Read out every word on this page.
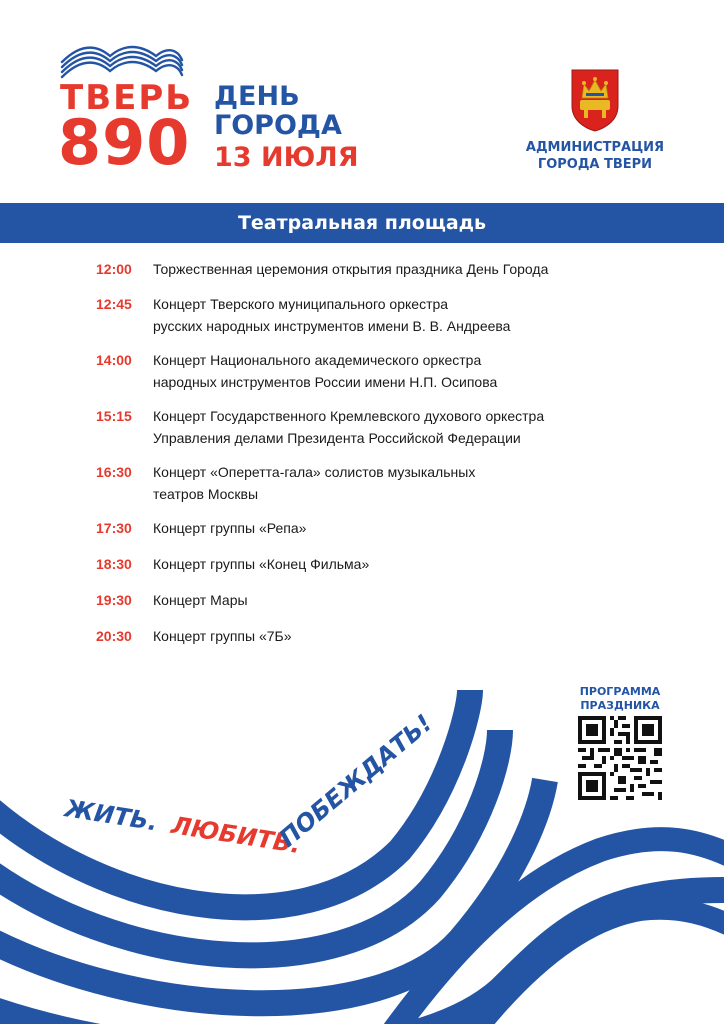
ТВЕРЬ
890
ДЕНЬ
ГОРОДА
13 ИЮЛЯ	АДМИНИСТРАЦИЯ
ГОРОДА ТВЕРИ
Театральная площадь
12:00	Торжественная церемония открытия праздника День Города
12:45	Концерт Тверского муниципального оркестра
русских народных инструментов имени В. В. Андреева
14:00	Концерт Национального академического оркестра
народных инструментов России имени Н.П. Осипова
15:15	Концерт Государственного Кремлевского духового оркестра
Управления делами Президента Российской Федерации
16:30	Концерт «Оперетта-гала» солистов музыкальных
театров Москвы
17:30	Концерт группы «Репа»
18:30	Концерт группы «Конец Фильма»
19:30	Концерт Мары
20:30	Концерт группы «7Б»
ЖИТЬ. ЛЮБИТЬ.
ПОБЕЖДАТЬ!
ПРОГРАММА
ПРАЗДНИКА
